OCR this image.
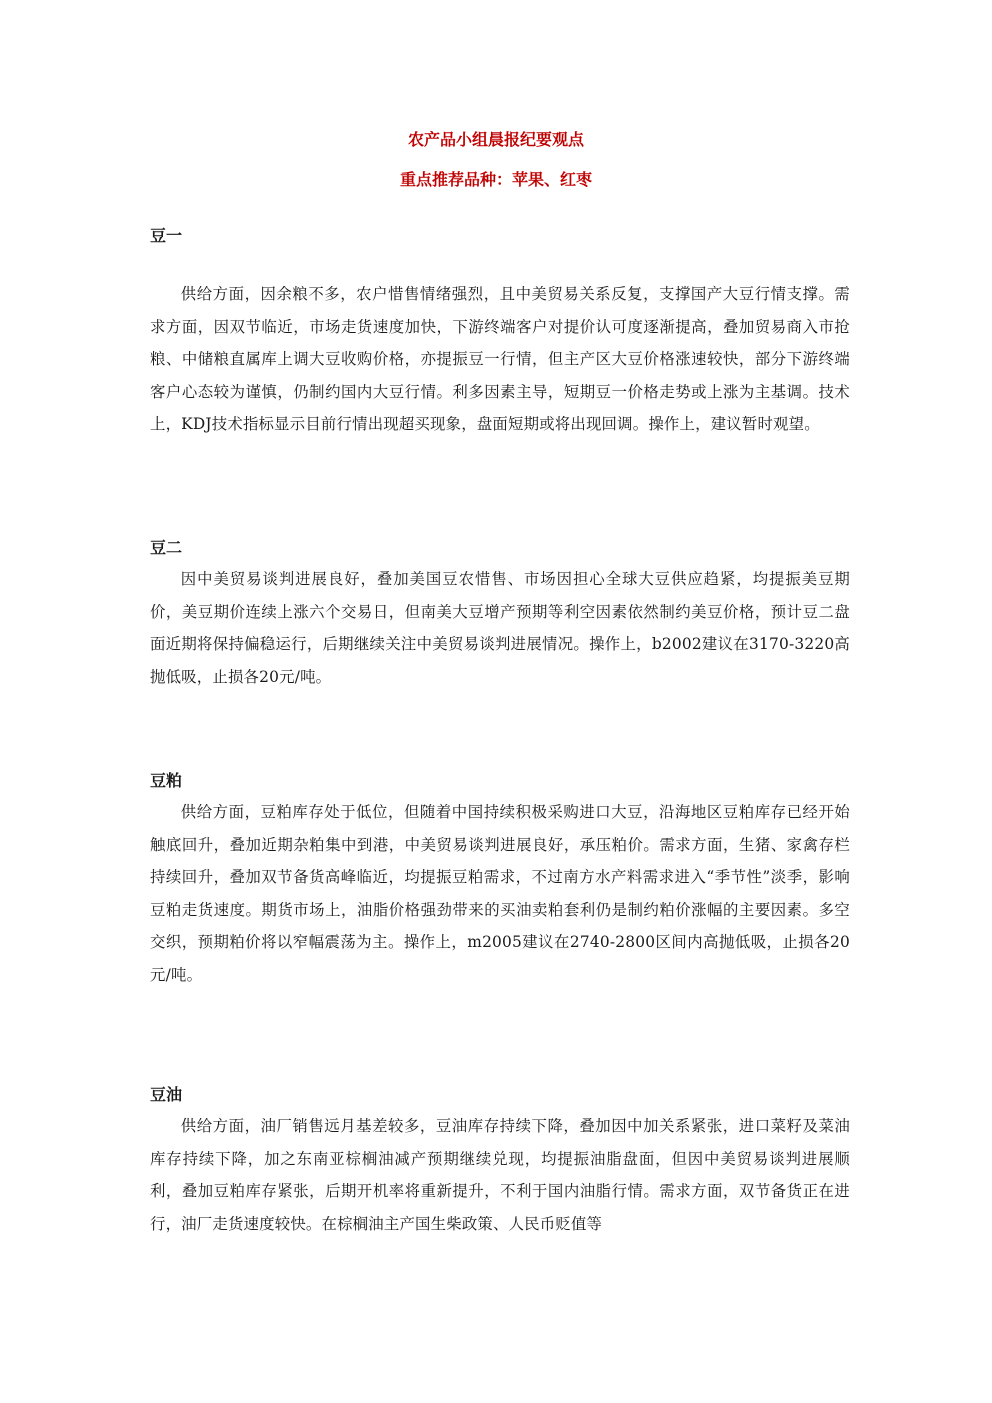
农产品小组晨报纪要观点
重点推荐品种：苹果、红枣
豆一

供给方面，因余粮不多，农户惜售情绪强烈，且中美贸易关系反复，支撑国产大豆行情支撑。需求方面，因双节临近，市场走货速度加快，下游终端客户对提价认可度逐渐提高，叠加贸易商入市抢粮、中储粮直属库上调大豆收购价格，亦提振豆一行情，但主产区大豆价格涨速较快，部分下游终端客户心态较为谨慎，仍制约国内大豆行情。利多因素主导，短期豆一价格走势或上涨为主基调。技术上，KDJ技术指标显示目前行情出现超买现象，盘面短期或将出现回调。操作上，建议暂时观望。

豆二

因中美贸易谈判进展良好，叠加美国豆农惜售、市场因担心全球大豆供应趋紧，均提振美豆期价，美豆期价连续上涨六个交易日，但南美大豆增产预期等利空因素依然制约美豆价格，预计豆二盘面近期将保持偏稳运行，后期继续关注中美贸易谈判进展情况。操作上，b2002建议在3170-3220高抛低吸，止损各20元/吨。

豆粕

供给方面，豆粕库存处于低位，但随着中国持续积极采购进口大豆，沿海地区豆粕库存已经开始触底回升，叠加近期杂粕集中到港，中美贸易谈判进展良好，承压粕价。需求方面，生猪、家禽存栏持续回升，叠加双节备货高峰临近，均提振豆粕需求，不过南方水产料需求进入“季节性”淡季，影响豆粕走货速度。期货市场上，油脂价格强劲带来的买油卖粕套利仍是制约粕价涨幅的主要因素。多空交织，预期粕价将以窄幅震荡为主。操作上，m2005建议在2740-2800区间内高抛低吸，止损各20元/吨。

豆油

供给方面，油厂销售远月基差较多，豆油库存持续下降，叠加因中加关系紧张，进口菜籽及菜油库存持续下降，加之东南亚棕榈油减产预期继续兑现，均提振油脂盘面，但因中美贸易谈判进展顺利，叠加豆粕库存紧张，后期开机率将重新提升，不利于国内油脂行情。需求方面，双节备货正在进行，油厂走货速度较快。在棕榈油主产国生柴政策、人民币贬值等
